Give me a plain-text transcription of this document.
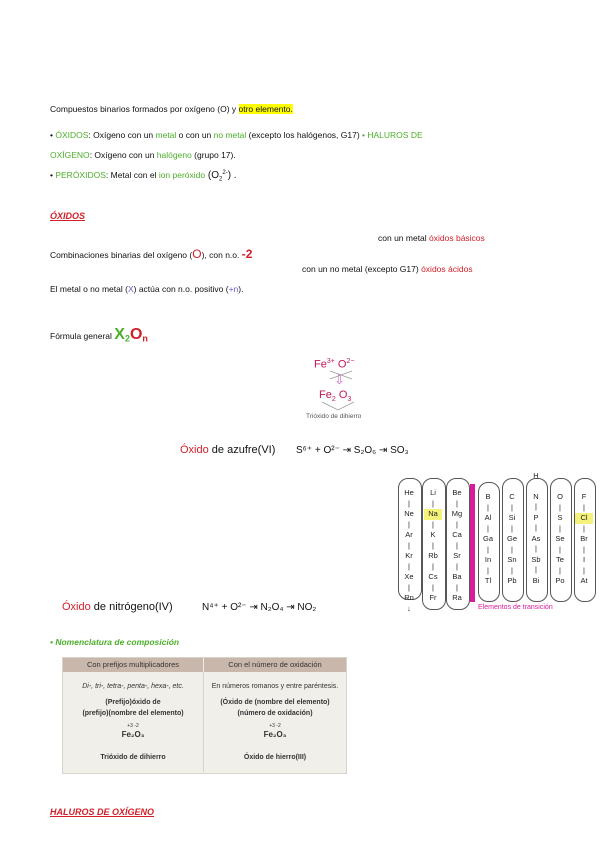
Compuestos binarios formados por oxígeno (O) y otro elemento.
• ÓXIDOS: Oxígeno con un metal o con un no metal (excepto los halógenos, G17) • HALUROS DE
OXÍGENO: Oxígeno con un halógeno (grupo 17).
• PERÓXIDOS: Metal con el ion peróxido $(O_2^{2-})$ .
ÓXIDOS
con un metal óxidos básicos
Combinaciones binarias del oxígeno (O), con n.o. -2
con un no metal (excepto G17) óxidos ácidos
El metal o no metal (X) actúa con n.o. positivo (+n).
Fórmula general $X_2O_n$
$Fe^{3+}$ $O^{2-}$
⇩
$Fe_2$ $O_3$
Trióxido de dihierro
Óxido de azufre(VI) S⁶⁺ + O²⁻ ⇥ S₂O₆ ⇥ SO₃
He
|
Ne
|
Ar
|
Kr
|
Xe
|
Rn
↓
Li
|
Na
|
K
|
Rb
|
Cs
|
Fr
Be
|
Mg
|
Ca
|
Sr
|
Ba
|
Ra
B
|
Al
|
Ga
|
In
|
Tl
C
|
Si
|
Ge
|
Sn
|
Pb
H
N
|
P
|
As
|
Sb
|
Bi
O
|
S
|
Se
|
Te
|
Po
F
|
Cl
|
Br
|
I
|
At
Elementos de transición
Óxido de nitrógeno(IV)	N⁴⁺ + O²⁻ ⇥ N₂O₄ ⇥ NO₂
• Nomenclatura de composición
Con prefijos multiplicadores	Con el número de oxidación
Di-, tri-, tetra-, penta-, hexa-, etc.
(Prefijo)óxido de
(prefijo)(nombre del elemento)
+3 -2
Fe₂O₃
Trióxido de dihierro
En números romanos y entre paréntesis.
(Óxido de (nombre del elemento)
(número de oxidación)
+3 -2
Fe₂O₃
Óxido de hierro(III)
HALUROS DE OXÍGENO
